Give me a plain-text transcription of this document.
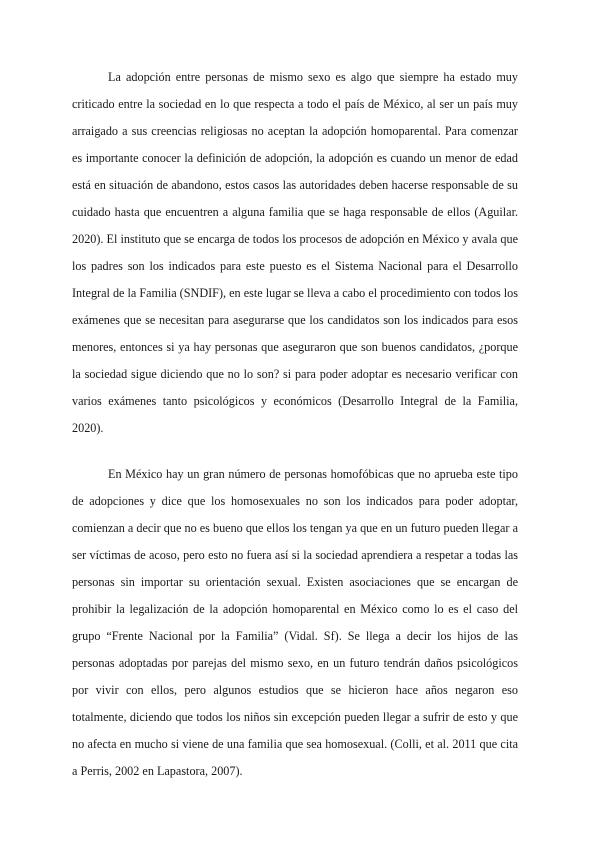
La adopción entre personas de mismo sexo es algo que siempre ha estado muy criticado entre la sociedad en lo que respecta a todo el país de México, al ser un país muy arraigado a sus creencias religiosas no aceptan la adopción homoparental. Para comenzar es importante conocer la definición de adopción, la adopción es cuando un menor de edad está en situación de abandono, estos casos las autoridades deben hacerse responsable de su cuidado hasta que encuentren a alguna familia que se haga responsable de ellos (Aguilar. 2020). El instituto que se encarga de todos los procesos de adopción en México y avala que los padres son los indicados para este puesto es el Sistema Nacional para el Desarrollo Integral de la Familia (SNDIF), en este lugar se lleva a cabo el procedimiento con todos los exámenes que se necesitan para asegurarse que los candidatos son los indicados para esos menores, entonces si ya hay personas que aseguraron que son buenos candidatos, ¿porque la sociedad sigue diciendo que no lo son? si para poder adoptar es necesario verificar con varios exámenes tanto psicológicos y económicos (Desarrollo Integral de la Familia, 2020).

En México hay un gran número de personas homofóbicas que no aprueba este tipo de adopciones y dice que los homosexuales no son los indicados para poder adoptar, comienzan a decir que no es bueno que ellos los tengan ya que en un futuro pueden llegar a ser víctimas de acoso, pero esto no fuera así si la sociedad aprendiera a respetar a todas las personas sin importar su orientación sexual. Existen asociaciones que se encargan de prohibir la legalización de la adopción homoparental en México como lo es el caso del grupo “Frente Nacional por la Familia” (Vidal. Sf). Se llega a decir los hijos de las personas adoptadas por parejas del mismo sexo, en un futuro tendrán daños psicológicos por vivir con ellos, pero algunos estudios que se hicieron hace años negaron eso totalmente, diciendo que todos los niños sin excepción pueden llegar a sufrir de esto y que no afecta en mucho si viene de una familia que sea homosexual. (Colli, et al. 2011 que cita a Perris, 2002 en Lapastora, 2007).
